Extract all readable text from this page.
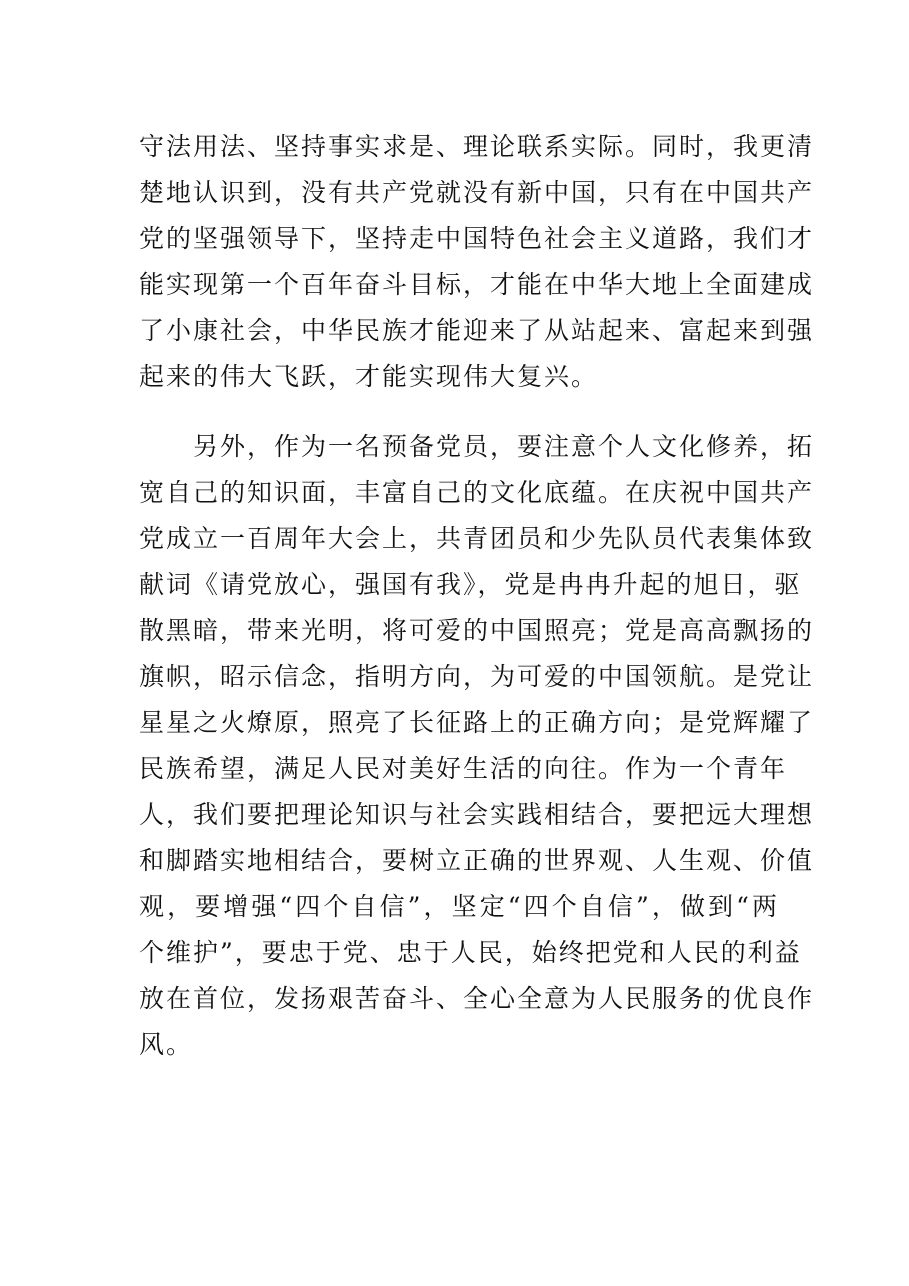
守法用法、坚持事实求是、理论联系实际。同时，我更清
楚地认识到，没有共产党就没有新中国，只有在中国共产
党的坚强领导下，坚持走中国特色社会主义道路，我们才
能实现第一个百年奋斗目标，才能在中华大地上全面建成
了小康社会，中华民族才能迎来了从站起来、富起来到强
起来的伟大飞跃，才能实现伟大复兴。
另外，作为一名预备党员，要注意个人文化修养，拓
宽自己的知识面，丰富自己的文化底蕴。在庆祝中国共产
党成立一百周年大会上，共青团员和少先队员代表集体致
献词《请党放心，强国有我》，党是冉冉升起的旭日，驱
散黑暗，带来光明，将可爱的中国照亮；党是高高飘扬的
旗帜，昭示信念，指明方向，为可爱的中国领航。是党让
星星之火燎原，照亮了长征路上的正确方向；是党辉耀了
民族希望，满足人民对美好生活的向往。作为一个青年
人，我们要把理论知识与社会实践相结合，要把远大理想
和脚踏实地相结合，要树立正确的世界观、人生观、价值
观，要增强“四个自信”，坚定“四个自信”，做到“两
个维护”，要忠于党、忠于人民，始终把党和人民的利益
放在首位，发扬艰苦奋斗、全心全意为人民服务的优良作
风。
